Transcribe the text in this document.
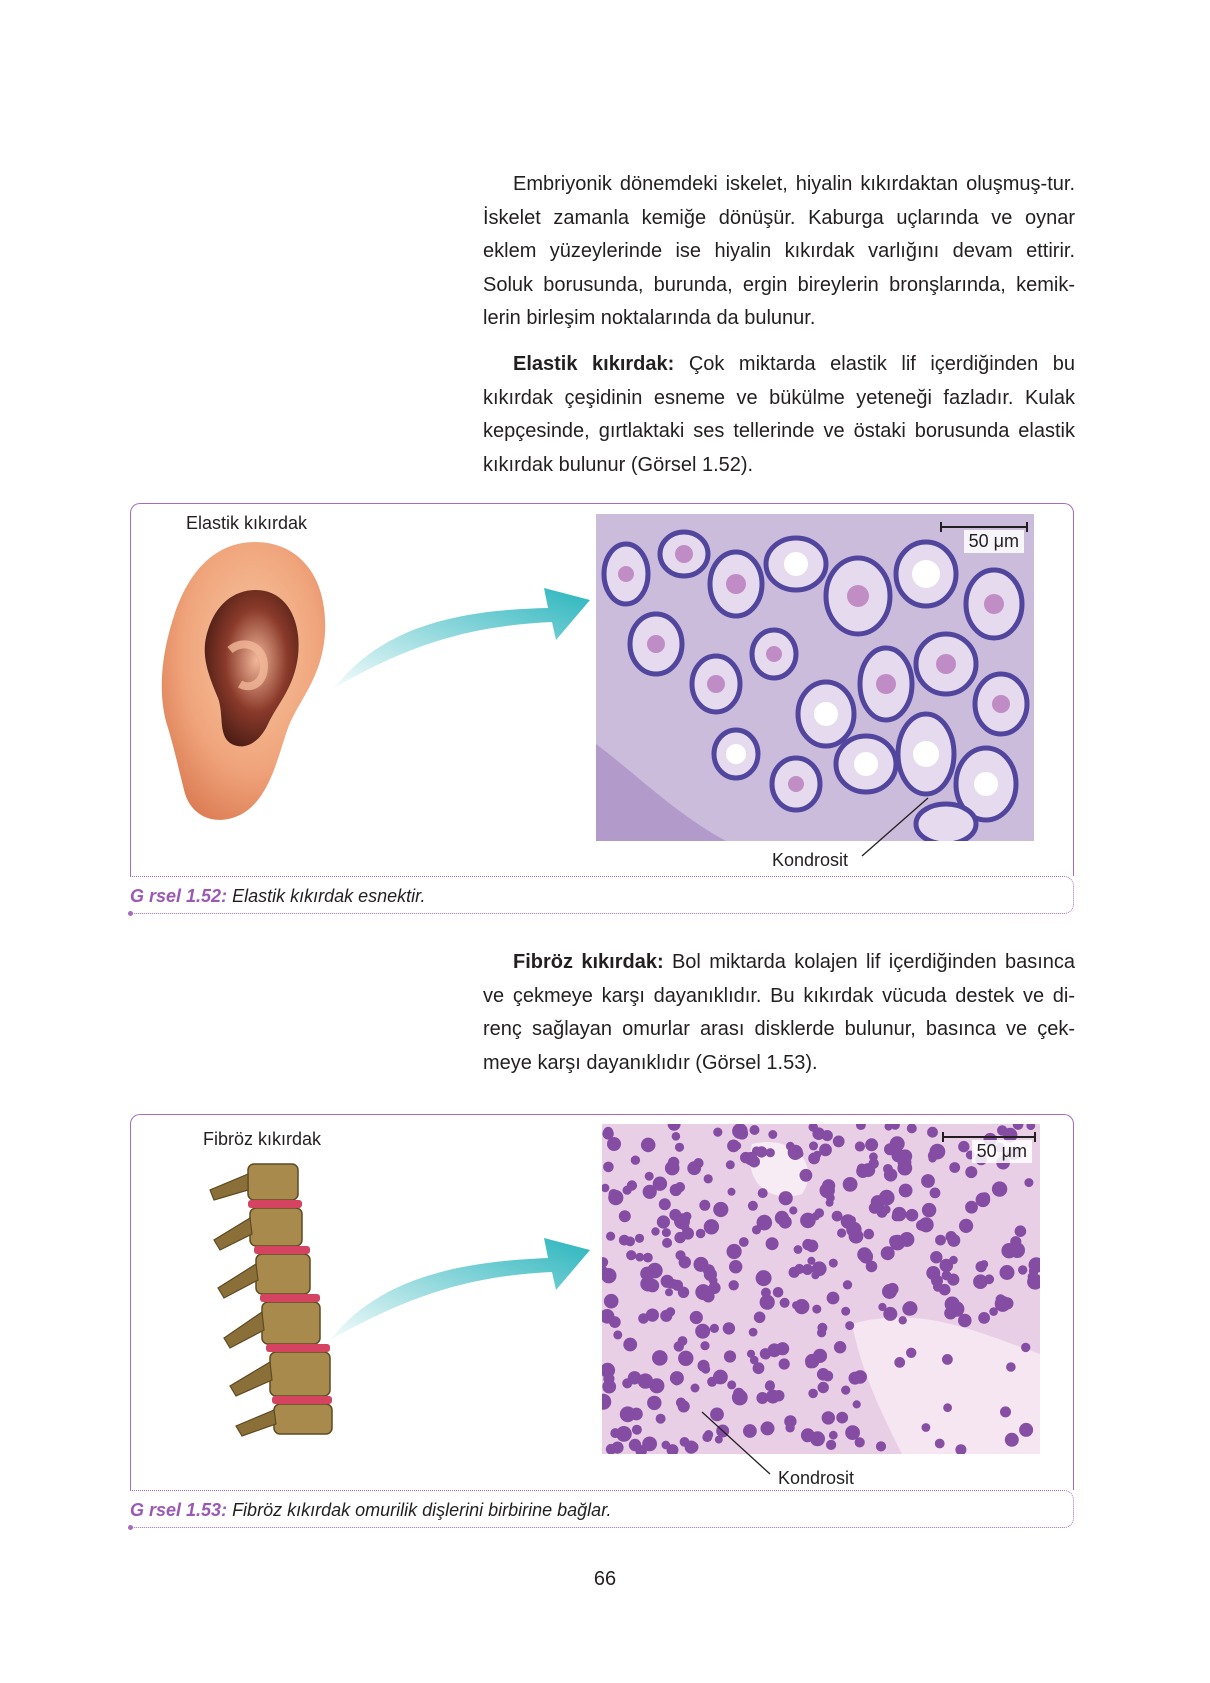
Embriyonik dönemdeki iskelet, hiyalin kıkırdaktan oluşmuş-tur. İskelet zamanla kemiğe dönüşür. Kaburga uçlarında ve oynar eklem yüzeylerinde ise hiyalin kıkırdak varlığını devam ettirir. Soluk borusunda, burunda, ergin bireylerin bronşlarında, kemik-lerin birleşim noktalarında da bulunur.

Elastik kıkırdak: Çok miktarda elastik lif içerdiğinden bu kıkırdak çeşidinin esneme ve bükülme yeteneği fazladır. Kulak kepçesinde, gırtlaktaki ses tellerinde ve östaki borusunda elastik kıkırdak bulunur (Görsel 1.52).

Elastik kıkırdak
50 μm
Kondrosit
G rsel 1.52: Elastik kıkırdak esnektir.

Fibröz kıkırdak: Bol miktarda kolajen lif içerdiğinden basınca ve çekmeye karşı dayanıklıdır. Bu kıkırdak vücuda destek ve di-renç sağlayan omurlar arası disklerde bulunur, basınca ve çek-meye karşı dayanıklıdır (Görsel 1.53).

Fibröz kıkırdak
50 μm
Kondrosit
G rsel 1.53: Fibröz kıkırdak omurilik dişlerini birbirine bağlar.
66
